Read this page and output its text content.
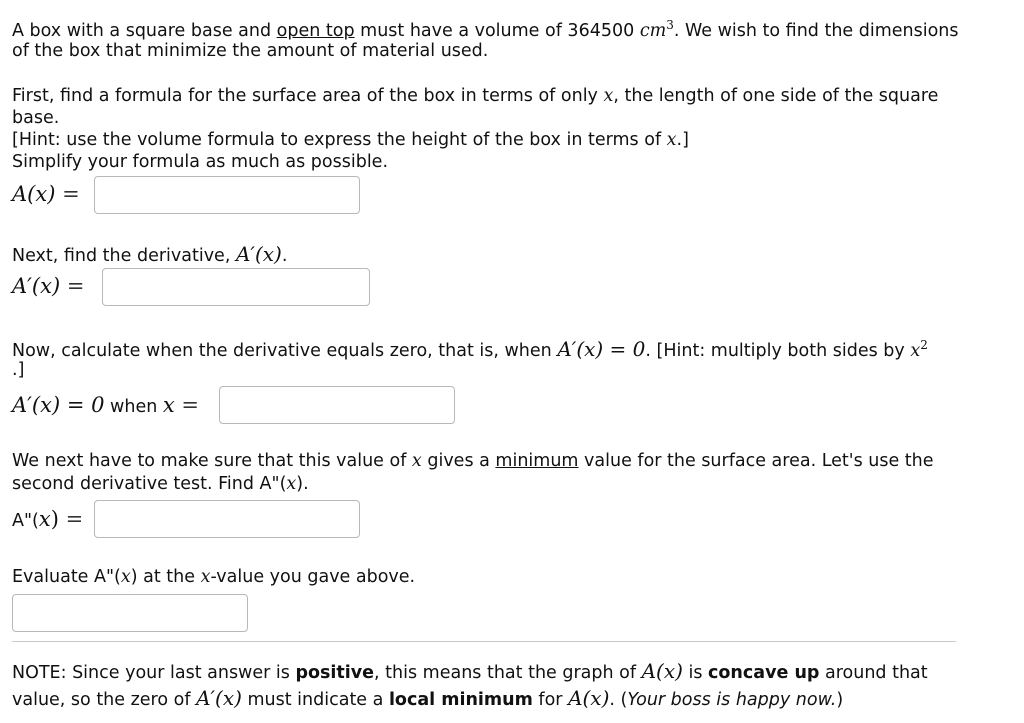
A box with a square base and open top must have a volume of 364500 $cm^3$. We wish to find the dimensions
of the box that minimize the amount of material used.
First, find a formula for the surface area of the box in terms of only x, the length of one side of the square
base.
[Hint: use the volume formula to express the height of the box in terms of x.]
Simplify your formula as much as possible.
A(x) =
Next, find the derivative, A′(x).
A′(x) =
Now, calculate when the derivative equals zero, that is, when A′(x) = 0. [Hint: multiply both sides by $x^2$
.]
A′(x) = 0 when x =
We next have to make sure that this value of x gives a minimum value for the surface area. Let's use the
second derivative test. Find A"(x).
A"(x) =
Evaluate A"(x) at the x-value you gave above.
NOTE: Since your last answer is positive, this means that the graph of A(x) is concave up around that
value, so the zero of A′(x) must indicate a local minimum for A(x). (Your boss is happy now.)
